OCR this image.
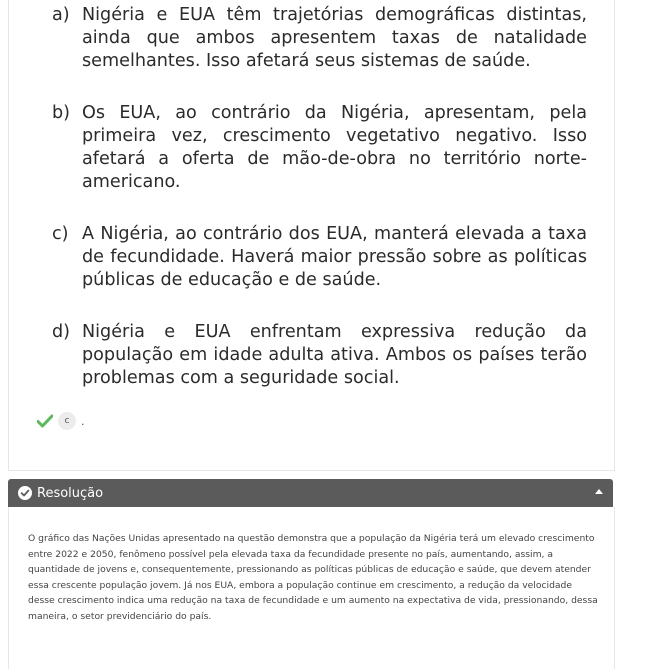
a) Nigéria e EUA têm trajetórias demográficas distintas, ainda que ambos apresentem taxas de natalidade semelhantes. Isso afetará seus sistemas de saúde.
b) Os EUA, ao contrário da Nigéria, apresentam, pela primeira vez, crescimento vegetativo negativo. Isso afetará a oferta de mão-de-obra no território norte-americano.
c) A Nigéria, ao contrário dos EUA, manterá elevada a taxa de fecundidade. Haverá maior pressão sobre as políticas públicas de educação e de saúde.
d) Nigéria e EUA enfrentam expressiva redução da população em idade adulta ativa. Ambos os países terão problemas com a seguridade social.
c	.
Resolução

O gráfico das Nações Unidas apresentado na questão demonstra que a população da Nigéria terá um elevado crescimento entre 2022 e 2050, fenômeno possível pela elevada taxa da fecundidade presente no país, aumentando, assim, a quantidade de jovens e, consequentemente, pressionando as políticas públicas de educação e saúde, que devem atender essa crescente população jovem. Já nos EUA, embora a população continue em crescimento, a redução da velocidade desse crescimento indica uma redução na taxa de fecundidade e um aumento na expectativa de vida, pressionando, dessa maneira, o setor previdenciário do país.
